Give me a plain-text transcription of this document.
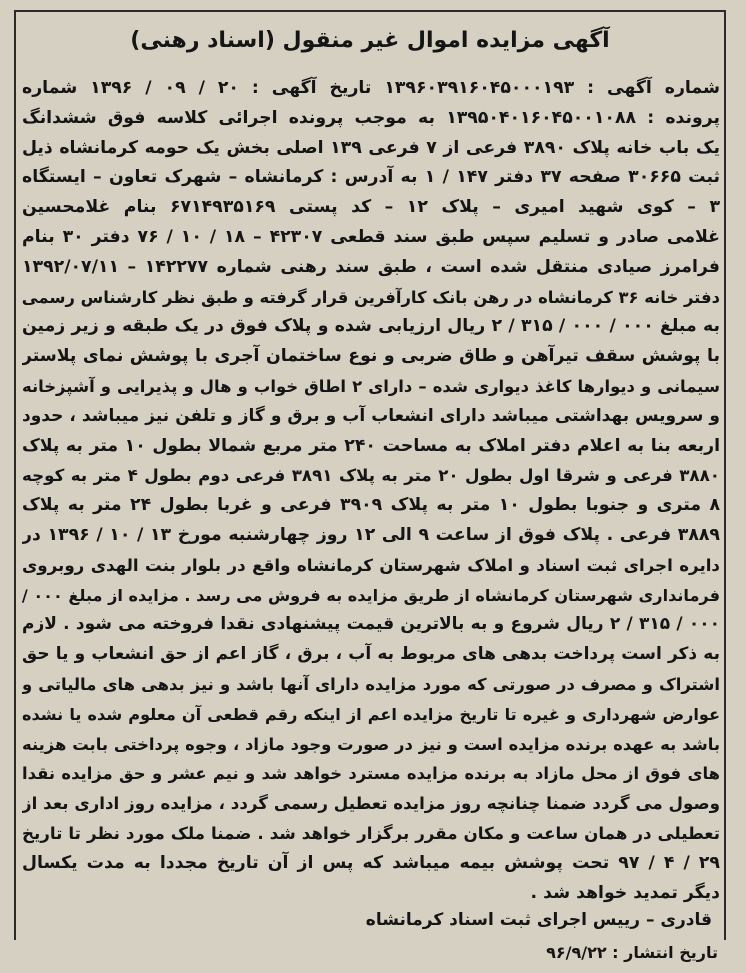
آگهی مزایده اموال غیر منقول (اسناد رهنی)
شماره آگهی : ۱۳۹۶۰۳۹۱۶۰۴۵۰۰۰۱۹۳ تاریخ آگهی : ۲۰ / ۰۹ / ۱۳۹۶ شماره
پرونده : ۱۳۹۵۰۴۰۱۶۰۴۵۰۰۱۰۸۸ به موجب پرونده اجرائی کلاسه فوق ششدانگ
یک باب خانه پلاک ۳۸۹۰ فرعی از ۷ فرعی ۱۳۹ اصلی بخش یک حومه کرمانشاه ذیل
ثبت ۳۰۶۶۵ صفحه ۳۷ دفتر ۱۴۷ / ۱ به آدرس : کرمانشاه – شهرک تعاون – ایستگاه
۳ – کوی شهید امیری – پلاک ۱۲ – کد پستی ۶۷۱۴۹۳۵۱۶۹ بنام غلامحسین
غلامی صادر و تسلیم سپس طبق سند قطعی ۴۲۳۰۷ – ۱۸ / ۱۰ / ۷۶ دفتر ۳۰ بنام
فرامرز صیادی منتقل شده است ، طبق سند رهنی شماره ۱۴۲۲۷۷ – ۱۳۹۲/۰۷/۱۱
دفتر خانه ۳۶ کرمانشاه در رهن بانک کارآفرین قرار گرفته و طبق نظر کارشناس رسمی
به مبلغ ۰۰۰ / ۰۰۰ / ۳۱۵ / ۲ ریال ارزیابی شده و پلاک فوق در یک طبقه و زیر زمین
با پوشش سقف تیرآهن و طاق ضربی و نوع ساختمان آجری با پوشش نمای پلاستر
سیمانی و دیوارها کاغذ دیواری شده – دارای ۲ اطاق خواب و هال و پذیرایی و آشپزخانه
و سرویس بهداشتی میباشد دارای انشعاب آب و برق و گاز و تلفن نیز میباشد ، حدود
اربعه بنا به اعلام دفتر املاک به مساحت ۲۴۰ متر مربع شمالا بطول ۱۰ متر به پلاک
۳۸۸۰ فرعی و شرقا اول بطول ۲۰ متر به پلاک ۳۸۹۱ فرعی دوم بطول ۴ متر به کوچه
۸ متری و جنوبا بطول ۱۰ متر به پلاک ۳۹۰۹ فرعی و غربا بطول ۲۴ متر به پلاک
۳۸۸۹ فرعی . پلاک فوق از ساعت ۹ الی ۱۲ روز چهارشنبه مورخ ۱۳ / ۱۰ / ۱۳۹۶ در
دایره اجرای ثبت اسناد و املاک شهرستان کرمانشاه واقع در بلوار بنت الهدی روبروی
فرمانداری شهرستان کرمانشاه از طریق مزایده به فروش می رسد . مزایده از مبلغ ۰۰۰ /
۰۰۰ / ۳۱۵ / ۲ ریال شروع و به بالاترین قیمت پیشنهادی نقدا فروخته می شود . لازم
به ذکر است پرداخت بدهی های مربوط به آب ، برق ، گاز اعم از حق انشعاب و یا حق
اشتراک و مصرف در صورتی که مورد مزایده دارای آنها باشد و نیز بدهی های مالیاتی و
عوارض شهرداری و غیره تا تاریخ مزایده اعم از اینکه رقم قطعی آن معلوم شده یا نشده
باشد به عهده برنده مزایده است و نیز در صورت وجود مازاد ، وجوه پرداختی بابت هزینه
های فوق از محل مازاد به برنده مزایده مسترد خواهد شد و نیم عشر و حق مزایده نقدا
وصول می گردد ضمنا چنانچه روز مزایده تعطیل رسمی گردد ، مزایده روز اداری بعد از
تعطیلی در همان ساعت و مکان مقرر برگزار خواهد شد . ضمنا ملک مورد نظر تا تاریخ
۲۹ / ۴ / ۹۷ تحت پوشش بیمه میباشد که پس از آن تاریخ مجددا به مدت یکسال
دیگر تمدید خواهد شد .
قادری – رییس اجرای ثبت اسناد کرمانشاه
تاریخ انتشار : ۹۶/۹/۲۲
